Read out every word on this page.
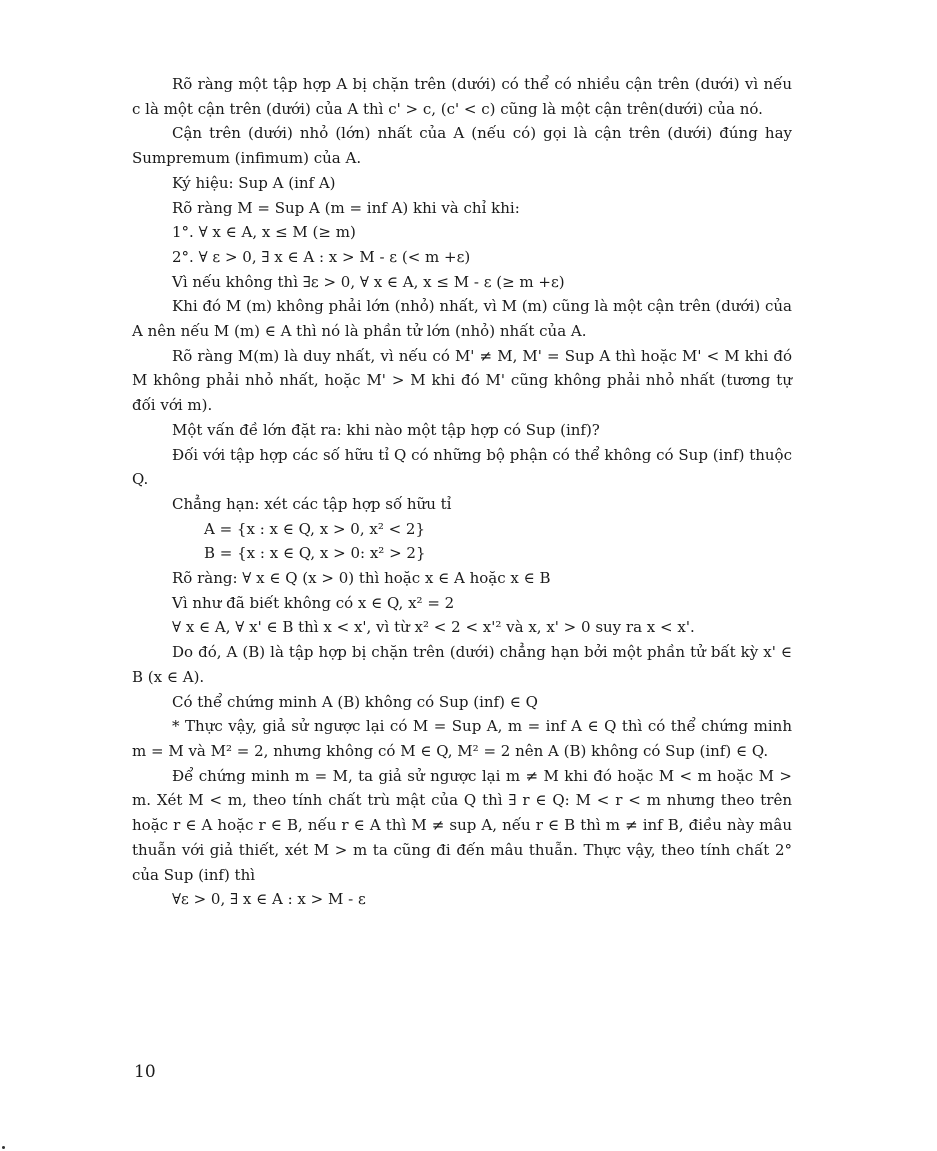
Rõ ràng một tập hợp A bị chặn trên (dưới) có thể có nhiều cận trên (dưới) vì nếu c là một cận trên (dưới) của A thì c' > c, (c' < c) cũng là một cận trên(dưới) của nó.

Cận trên (dưới) nhỏ (lớn) nhất của A (nếu có) gọi là cận trên (dưới) đúng hay Sumpremum (infimum) của A.

Ký hiệu: Sup A (inf A)

Rõ ràng M = Sup A (m = inf A) khi và chỉ khi:

1°. ∀ x ∈ A, x ≤ M (≥ m)

2°. ∀ ε > 0, ∃ x ∈ A : x > M - ε (< m +ε)

Vì nếu không thì ∃ε > 0, ∀ x ∈ A, x ≤ M - ε (≥ m +ε)

Khi đó M (m) không phải lớn (nhỏ) nhất, vì M (m) cũng là một cận trên (dưới) của A nên nếu M (m) ∈ A thì nó là phần tử lớn (nhỏ) nhất của A.

Rõ ràng M(m) là duy nhất, vì nếu có M' ≠ M, M' = Sup A thì hoặc M' < M khi đó M không phải nhỏ nhất, hoặc M' > M khi đó M' cũng không phải nhỏ nhất (tương tự đối với m).

Một vấn đề lớn đặt ra: khi nào một tập hợp có Sup (inf)?

Đối với tập hợp các số hữu tỉ Q có những bộ phận có thể không có Sup (inf) thuộc Q.

Chẳng hạn: xét các tập hợp số hữu tỉ

A = {x : x ∈ Q, x > 0, x² < 2}

B = {x : x ∈ Q, x > 0: x² > 2}

Rõ ràng: ∀ x ∈ Q (x > 0) thì hoặc x ∈ A hoặc x ∈ B

Vì như đã biết không có x ∈ Q, x² = 2

∀ x ∈ A, ∀ x' ∈ B thì x < x', vì từ x² < 2 < x'² và x, x' > 0 suy ra x < x'.

Do đó, A (B) là tập hợp bị chặn trên (dưới) chẳng hạn bởi một phần tử bất kỳ x' ∈ B (x ∈ A).

Có thể chứng minh A (B) không có Sup (inf) ∈ Q

* Thực vậy, giả sử ngược lại có M = Sup A, m = inf A ∈ Q thì có thể chứng minh m = M và M² = 2, nhưng không có M ∈ Q, M² = 2 nên A (B) không có Sup (inf) ∈ Q.

Để chứng minh m = M, ta giả sử ngược lại m ≠ M khi đó hoặc M < m hoặc M > m. Xét M < m, theo tính chất trù mật của Q thì ∃ r ∈ Q: M < r < m nhưng theo trên hoặc r ∈ A hoặc r ∈ B, nếu r ∈ A thì M ≠ sup A, nếu r ∈ B thì m ≠ inf B, điều này mâu thuẫn với giả thiết, xét M > m ta cũng đi đến mâu thuẫn. Thực vậy, theo tính chất 2° của Sup (inf) thì

∀ε > 0, ∃ x ∈ A : x > M - ε

10
